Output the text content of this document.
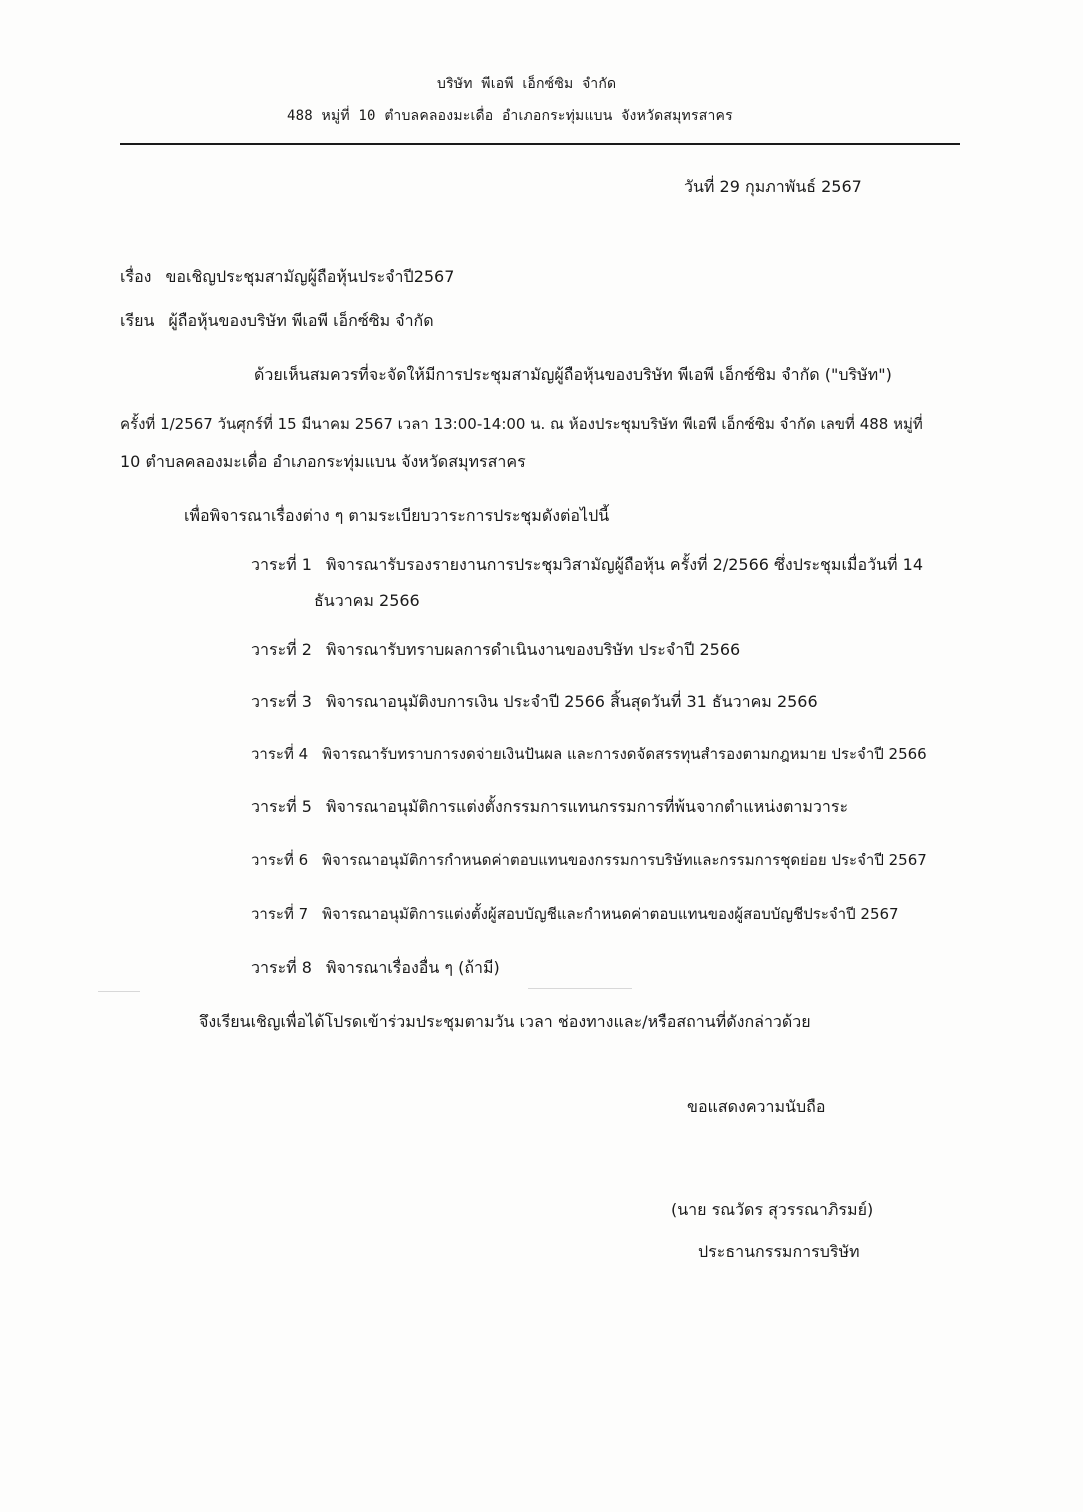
บริษัท พีเอพี เอ็กซ์ซิม จำกัด
488 หมู่ที่ 10 ตำบลคลองมะเดื่อ อำเภอกระทุ่มแบน จังหวัดสมุทรสาคร
วันที่ 29 กุมภาพันธ์ 2567
เรื่อง ขอเชิญประชุมสามัญผู้ถือหุ้นประจำปี2567
เรียน ผู้ถือหุ้นของบริษัท พีเอพี เอ็กซ์ซิม จำกัด
ด้วยเห็นสมควรที่จะจัดให้มีการประชุมสามัญผู้ถือหุ้นของบริษัท พีเอพี เอ็กซ์ซิม จำกัด ("บริษัท")
ครั้งที่ 1/2567 วันศุกร์ที่ 15 มีนาคม 2567 เวลา 13:00-14:00 น. ณ ห้องประชุมบริษัท พีเอพี เอ็กซ์ซิม จำกัด เลขที่ 488 หมู่ที่
10 ตำบลคลองมะเดื่อ อำเภอกระทุ่มแบน จังหวัดสมุทรสาคร
เพื่อพิจารณาเรื่องต่าง ๆ ตามระเบียบวาระการประชุมดังต่อไปนี้
วาระที่ 1 พิจารณารับรองรายงานการประชุมวิสามัญผู้ถือหุ้น ครั้งที่ 2/2566 ซึ่งประชุมเมื่อวันที่ 14
ธันวาคม 2566
วาระที่ 2 พิจารณารับทราบผลการดำเนินงานของบริษัท ประจำปี 2566
วาระที่ 3 พิจารณาอนุมัติงบการเงิน ประจำปี 2566 สิ้นสุดวันที่ 31 ธันวาคม 2566
วาระที่ 4 พิจารณารับทราบการงดจ่ายเงินปันผล และการงดจัดสรรทุนสำรองตามกฎหมาย ประจำปี 2566
วาระที่ 5 พิจารณาอนุมัติการแต่งตั้งกรรมการแทนกรรมการที่พ้นจากตำแหน่งตามวาระ
วาระที่ 6 พิจารณาอนุมัติการกำหนดค่าตอบแทนของกรรมการบริษัทและกรรมการชุดย่อย ประจำปี 2567
วาระที่ 7 พิจารณาอนุมัติการแต่งตั้งผู้สอบบัญชีและกำหนดค่าตอบแทนของผู้สอบบัญชีประจำปี 2567
วาระที่ 8 พิจารณาเรื่องอื่น ๆ (ถ้ามี)
จึงเรียนเชิญเพื่อได้โปรดเข้าร่วมประชุมตามวัน เวลา ช่องทางและ/หรือสถานที่ดังกล่าวด้วย
ขอแสดงความนับถือ
(นาย รณวัดร สุวรรณาภิรมย์)
ประธานกรรมการบริษัท
